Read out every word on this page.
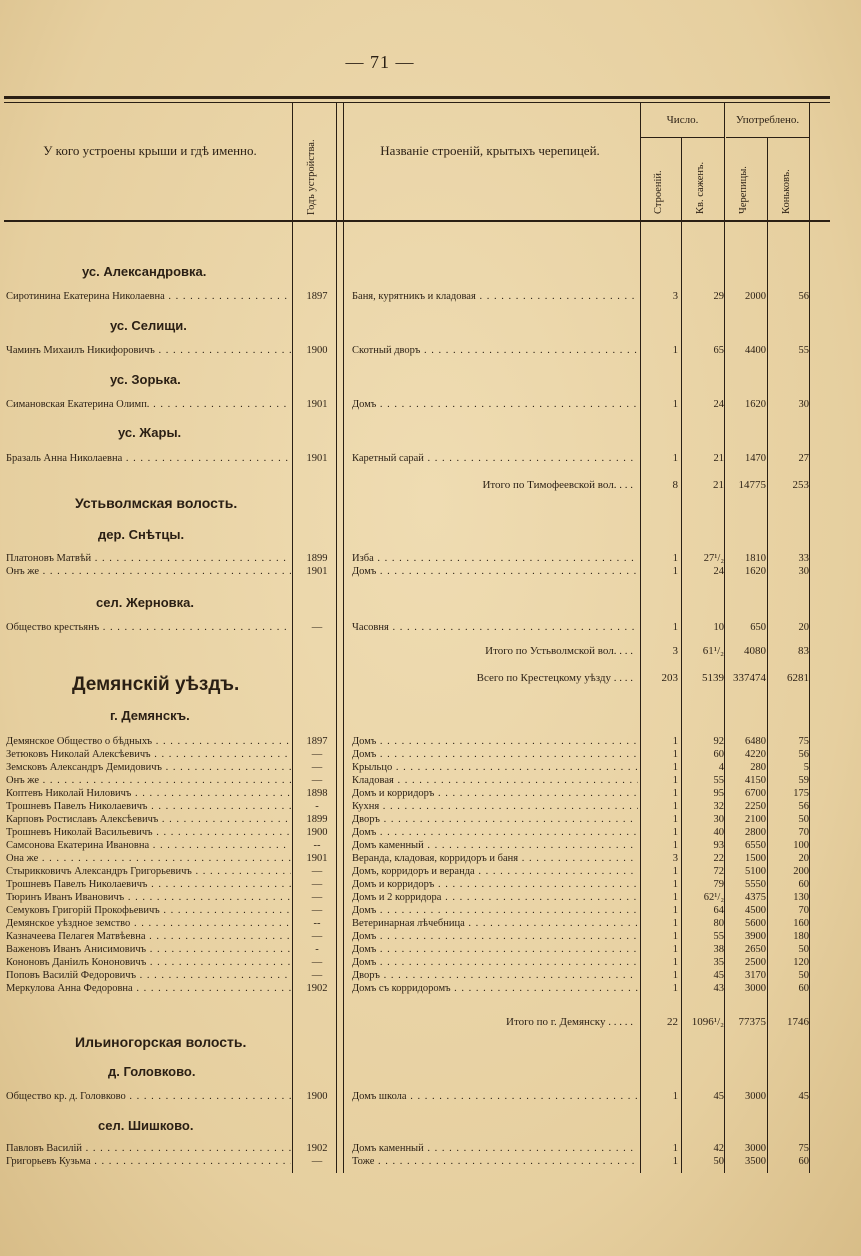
— 71 —
У кого устроены крыши и гдѣ именно.	Годъ устройства.	Названіе строеній, крытыхъ черепицей.
Число.	Употреблено.
Строеній.	Кв. саженъ.	Черепицы.	Коньковъ.
ус. Александровка.
Сиротинина Екатерина Николаевна . . .	1897	Баня, курятникъ и кладовая . . .	3	29	2000	56
ус. Селищи.
Чаминъ Михаилъ Никифоровичъ . . .	1900	Скотный дворъ . . .	1	65	4400	55
ус. Зорька.
Симановская Екатерина Олимп. . . .	1901	Домъ . . .	1	24	1620	30
ус. Жары.
Бразаль Анна Николаевна . . .	1901	Каретный сарай . . .	1	21	1470	27
Итого по Тимофеевской вол. . . .	8	21	14775	253
Устьволмская волость.
дер. Снѣтцы.
Платоновъ Матвѣй . . .	1899	Изба . . .	1	27¹/₂	1810	33
Онъ же . . .	1901	Домъ . . .	1	24	1620	30
сел. Жерновка.
Общество крестьянъ . . .	—	Часовня . . .	1	10	650	20
Итого по Устьволмской вол. . . .	3	61¹/₂	4080	83
Всего по Крестецкому уѣзду . . . .	203	5139 337474	6281
Демянскій уѣздъ.
г. Демянскъ.
Демянское Общество о бѣдныхъ . . .	1897	Домъ . . .	1	92	6480	75
Зетюковъ Николай Алексѣевичъ . . .	—	Домъ . . .	1	60	4220	56
Земсковъ Александръ Демидовичъ . . .	—	Крыльцо . . .	1	4	280	5
Онъ же . . .	—	Кладовая . . .	1	55	4150	59
Коптевъ Николай Ниловичъ . . .	1898	Домъ и корридоръ . . .	1	95	6700	175
Трошневъ Павелъ Николаевичъ . . .	-	Кухня . . .	1	32	2250	56
Карповъ Ростиславъ Алексѣевичъ . . .	1899	Дворъ . . .	1	30	2100	50
Трошневъ Николай Васильевичъ . . .	1900	Домъ . . .	1	40	2800	70
Самсонова Екатерина Ивановна . . .	--	Домъ каменный . . .	1	93	6550	100
Она же . . .	1901	Веранда, кладовая, корридоръ и баня . . .	3	22	1500	20
Стырикковичъ Александръ Григорьевичъ . . .	—	Домъ, корридоръ и веранда . . .	1	72	5100	200
Трошневъ Павелъ Николаевичъ . . .	—	Домъ и корридоръ . . .	1	79	5550	60
Тюринъ Иванъ Ивановичъ . . .	—	Домъ и 2 корридора . . .	1	62¹/₂	4375	130
Семуковъ Григорій Прокофьевичъ . . .	—	Домъ . . .	1	64	4500	70
Демянское уѣздное земство . . .	--	Ветеринарная лѣчебница . . .	1	80	5600	160
Казначеева Пелагея Матвѣевна . . .	—	Домъ . . .	1	55	3900	180
Важеновъ Иванъ Анисимовичъ . . .	-	Домъ . . .	1	38	2650	50
Кононовъ Даніилъ Кононовичъ . . .	—	Домъ . . .	1	35	2500	120
Поповъ Василій Федоровичъ . . .	—	Дворъ . . .	1	45	3170	50
Меркулова Анна Федоровна . . .	1902	Домъ съ корридоромъ . . .	1	43	3000	60
Итого по г. Демянску . . . . .	22	1096¹/₂	77375	1746
Ильиногорская волость.
д. Головково.
Общество кр. д. Головково . . .	1900	Домъ школа . . .	1	45	3000	45
сел. Шишково.
Павловъ Василій . . .	1902	Домъ каменный . . .	1	42	3000	75
Григорьевъ Кузьма . . .	—	Тоже . . .	1	50	3500	60
